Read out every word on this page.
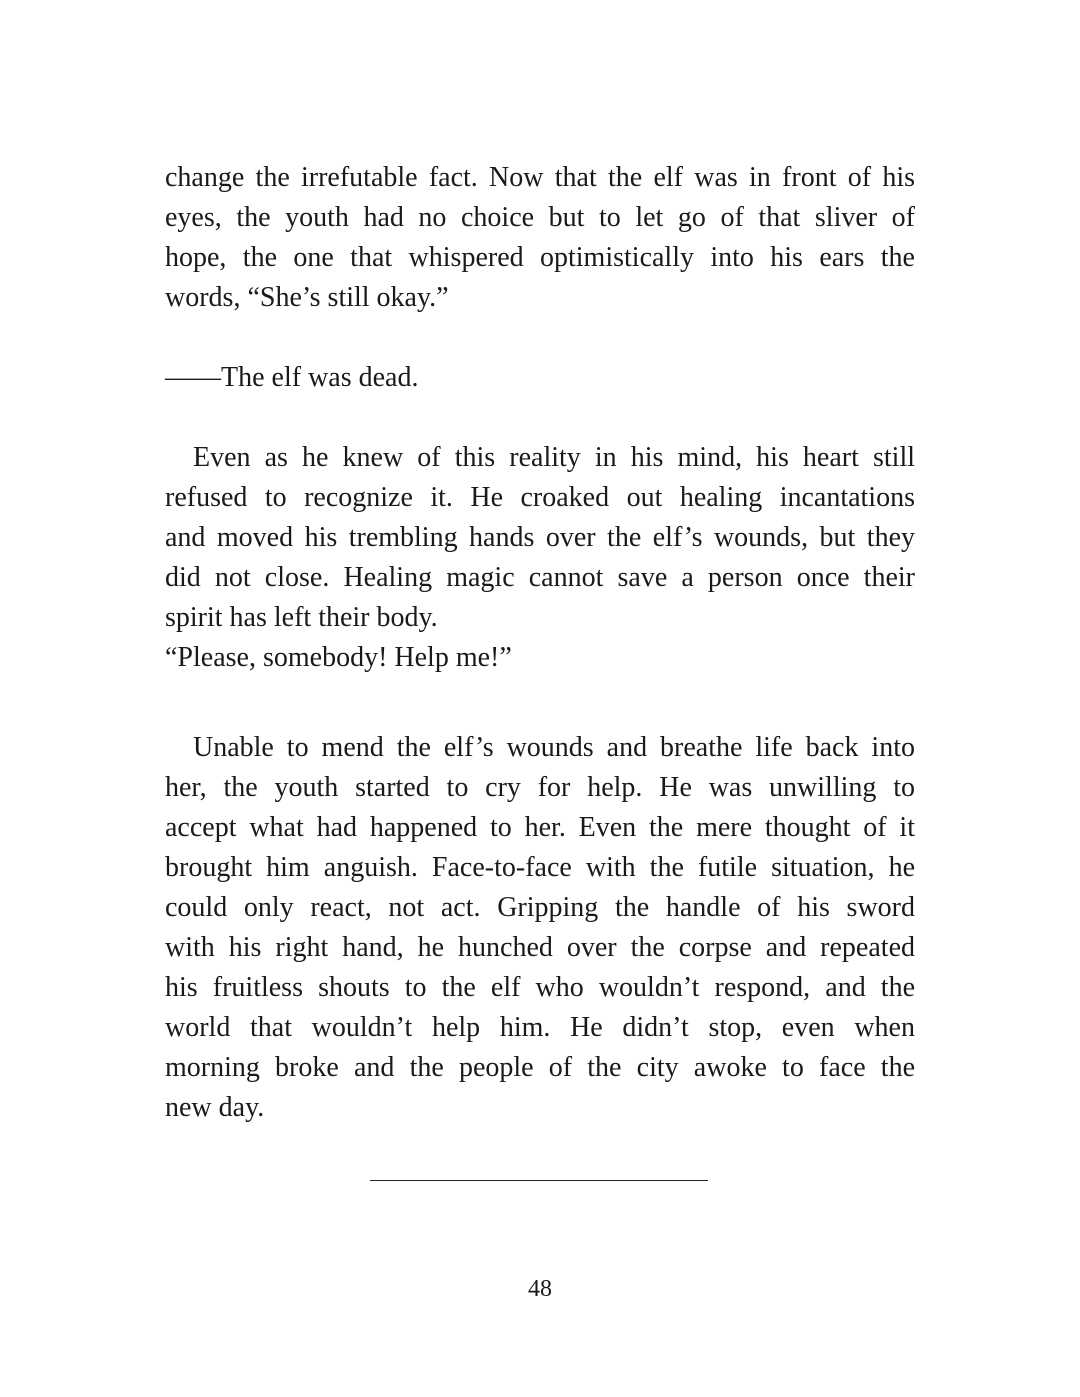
change the irrefutable fact. Now that the elf was in front of his
eyes, the youth had no choice but to let go of that sliver of
hope, the one that whispered optimistically into his ears the
words, “She’s still okay.”
——The elf was dead.
Even as he knew of this reality in his mind, his heart still
refused to recognize it. He croaked out healing incantations
and moved his trembling hands over the elf’s wounds, but they
did not close. Healing magic cannot save a person once their
spirit has left their body.
“Please, somebody! Help me!”
Unable to mend the elf’s wounds and breathe life back into
her, the youth started to cry for help. He was unwilling to
accept what had happened to her. Even the mere thought of it
brought him anguish. Face-to-face with the futile situation, he
could only react, not act. Gripping the handle of his sword
with his right hand, he hunched over the corpse and repeated
his fruitless shouts to the elf who wouldn’t respond, and the
world that wouldn’t help him. He didn’t stop, even when
morning broke and the people of the city awoke to face the
new day.
48
